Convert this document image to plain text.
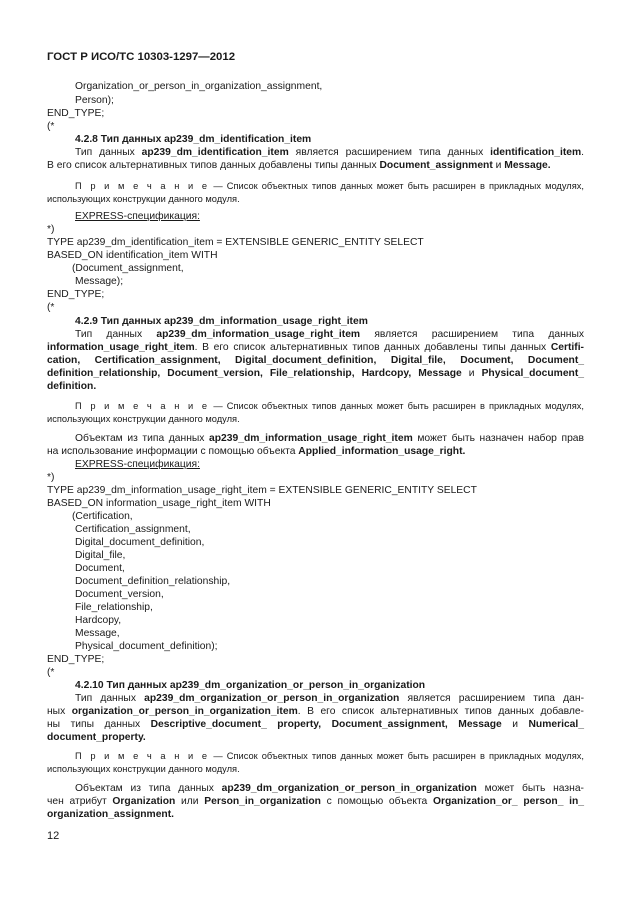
ГОСТ Р ИСО/ТС 10303-1297—2012
Organization_or_person_in_organization_assignment,
Person);
END_TYPE;
(*
4.2.8 Тип данных ap239_dm_identification_item
Тип данных ap239_dm_identification_item является расширением типа данных identification_item.
В его список альтернативных типов данных добавлены типы данных Document_assignment и Message.
П р и м е ч а н и е — Список объектных типов данных может быть расширен в прикладных модулях,
использующих конструкции данного модуля.
EXPRESS-спецификация:
*)
TYPE ap239_dm_identification_item = EXTENSIBLE GENERIC_ENTITY SELECT
BASED_ON identification_item WITH
(Document_assignment,
Message);
END_TYPE;
(*
4.2.9 Тип данных ap239_dm_information_usage_right_item
Тип данных ap239_dm_information_usage_right_item является расширением типа данных
information_usage_right_item. В его список альтернативных типов данных добавлены типы данных Certifi-
cation, Certification_assignment, Digital_document_definition, Digital_file, Document, Document_
definition_relationship, Document_version, File_relationship, Hardcopy, Message и Physical_document_
definition.
П р и м е ч а н и е — Список объектных типов данных может быть расширен в прикладных модулях,
использующих конструкции данного модуля.
Объектам из типа данных ap239_dm_information_usage_right_item может быть назначен набор прав
на использование информации с помощью объекта Applied_information_usage_right.
EXPRESS-спецификация:
*)
TYPE ap239_dm_information_usage_right_item = EXTENSIBLE GENERIC_ENTITY SELECT
BASED_ON information_usage_right_item WITH
(Certification,
Certification_assignment,
Digital_document_definition,
Digital_file,
Document,
Document_definition_relationship,
Document_version,
File_relationship,
Hardcopy,
Message,
Physical_document_definition);
END_TYPE;
(*
4.2.10 Тип данных ap239_dm_organization_or_person_in_organization
Тип данных ap239_dm_organization_or_person_in_organization является расширением типа дан-
ных organization_or_person_in_organization_item. В его список альтернативных типов данных добавле-
ны типы данных Descriptive_document_ property, Document_assignment, Message и Numerical_
document_property.
П р и м е ч а н и е — Список объектных типов данных может быть расширен в прикладных модулях,
использующих конструкции данного модуля.
Объектам из типа данных ap239_dm_organization_or_person_in_organization может быть назна-
чен атрибут Organization или Person_in_organization с помощью объекта Organization_or_ person_ in_
organization_assignment.
12
